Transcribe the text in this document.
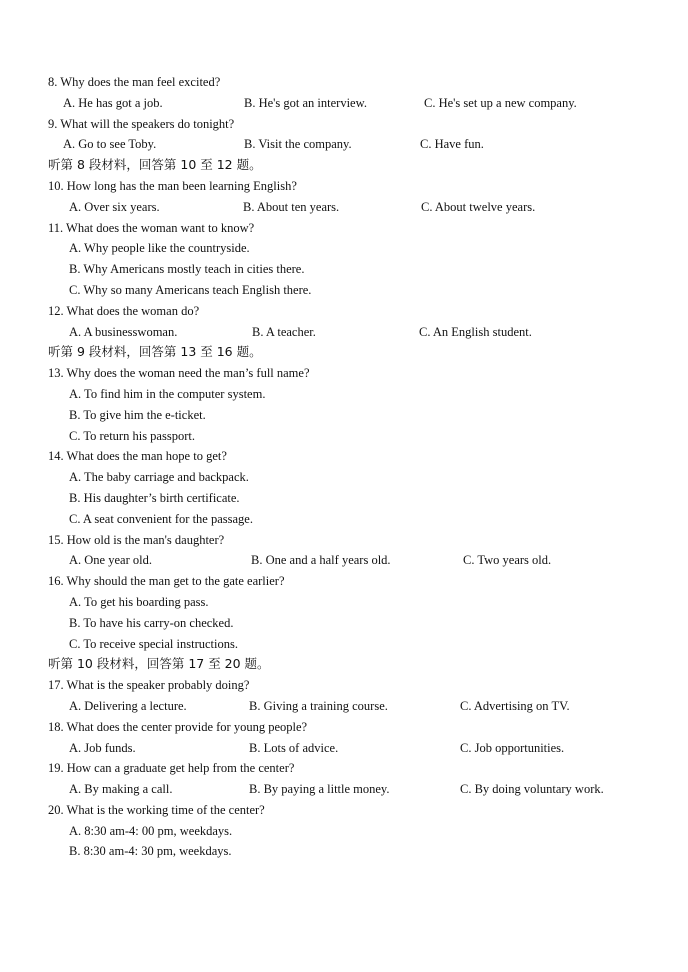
8. Why does the man feel excited?
A. He has got a job.	B. He's got an interview.	C. He's set up a new company.
9. What will the speakers do tonight?
A. Go to see Toby.	B. Visit the company.	C. Have fun.
听第 8 段材料，回答第 10 至 12 题。
10. How long has the man been learning English?
A. Over six years.	B. About ten years.	C. About twelve years.
11. What does the woman want to know?
A. Why people like the countryside.
B. Why Americans mostly teach in cities there.
C. Why so many Americans teach English there.
12. What does the woman do?
A. A businesswoman.	B. A teacher.	C. An English student.
听第 9 段材料，回答第 13 至 16 题。
13. Why does the woman need the man’s full name?
A. To find him in the computer system.
B. To give him the e-ticket.
C. To return his passport.
14. What does the man hope to get?
A. The baby carriage and backpack.
B. His daughter’s birth certificate.
C. A seat convenient for the passage.
15. How old is the man's daughter?
A. One year old.	B. One and a half years old.	C. Two years old.
16. Why should the man get to the gate earlier?
A. To get his boarding pass.
B. To have his carry-on checked.
C. To receive special instructions.
听第 10 段材料，回答第 17 至 20 题。
17. What is the speaker probably doing?
A. Delivering a lecture.	B. Giving a training course.	C. Advertising on TV.
18. What does the center provide for young people?
A. Job funds.	B. Lots of advice.	C. Job opportunities.
19. How can a graduate get help from the center?
A. By making a call.	B. By paying a little money.	C. By doing voluntary work.
20. What is the working time of the center?
A. 8:30 am-4: 00 pm, weekdays.
B. 8:30 am-4: 30 pm, weekdays.
